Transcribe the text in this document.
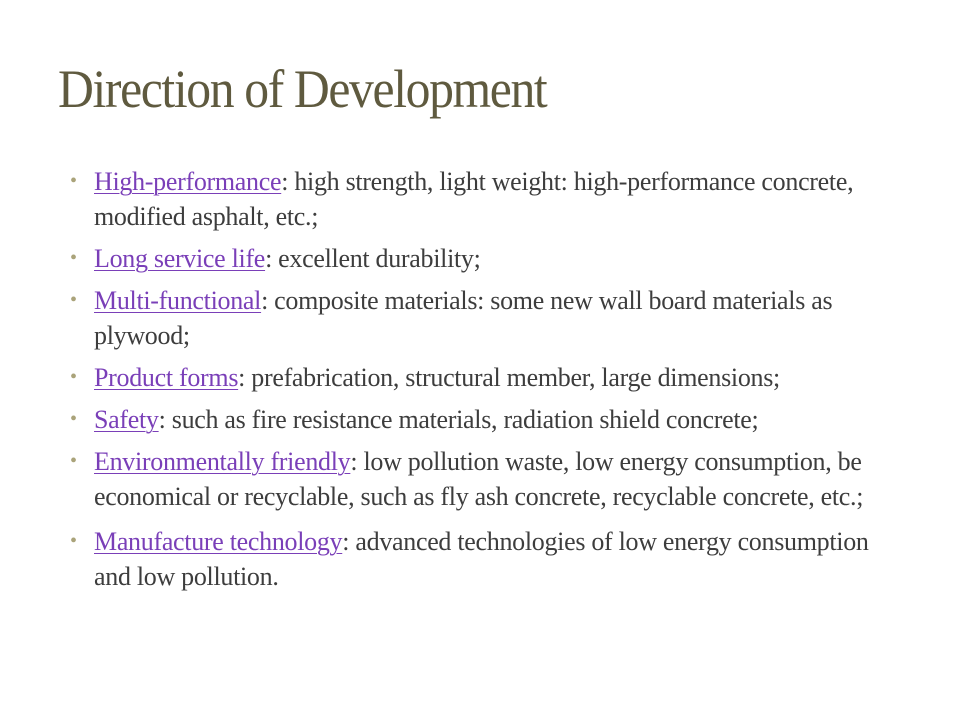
Direction of Development
• High-performance: high strength, light weight: high-performance concrete, modified asphalt, etc.;
• Long service life: excellent durability;
• Multi-functional: composite materials: some new wall board materials as plywood;
• Product forms: prefabrication, structural member, large dimensions;
• Safety: such as fire resistance materials, radiation shield concrete;
• Environmentally friendly: low pollution waste, low energy consumption, be economical or recyclable, such as fly ash concrete, recyclable concrete, etc.;
• Manufacture technology: advanced technologies of low energy consumption and low pollution.
